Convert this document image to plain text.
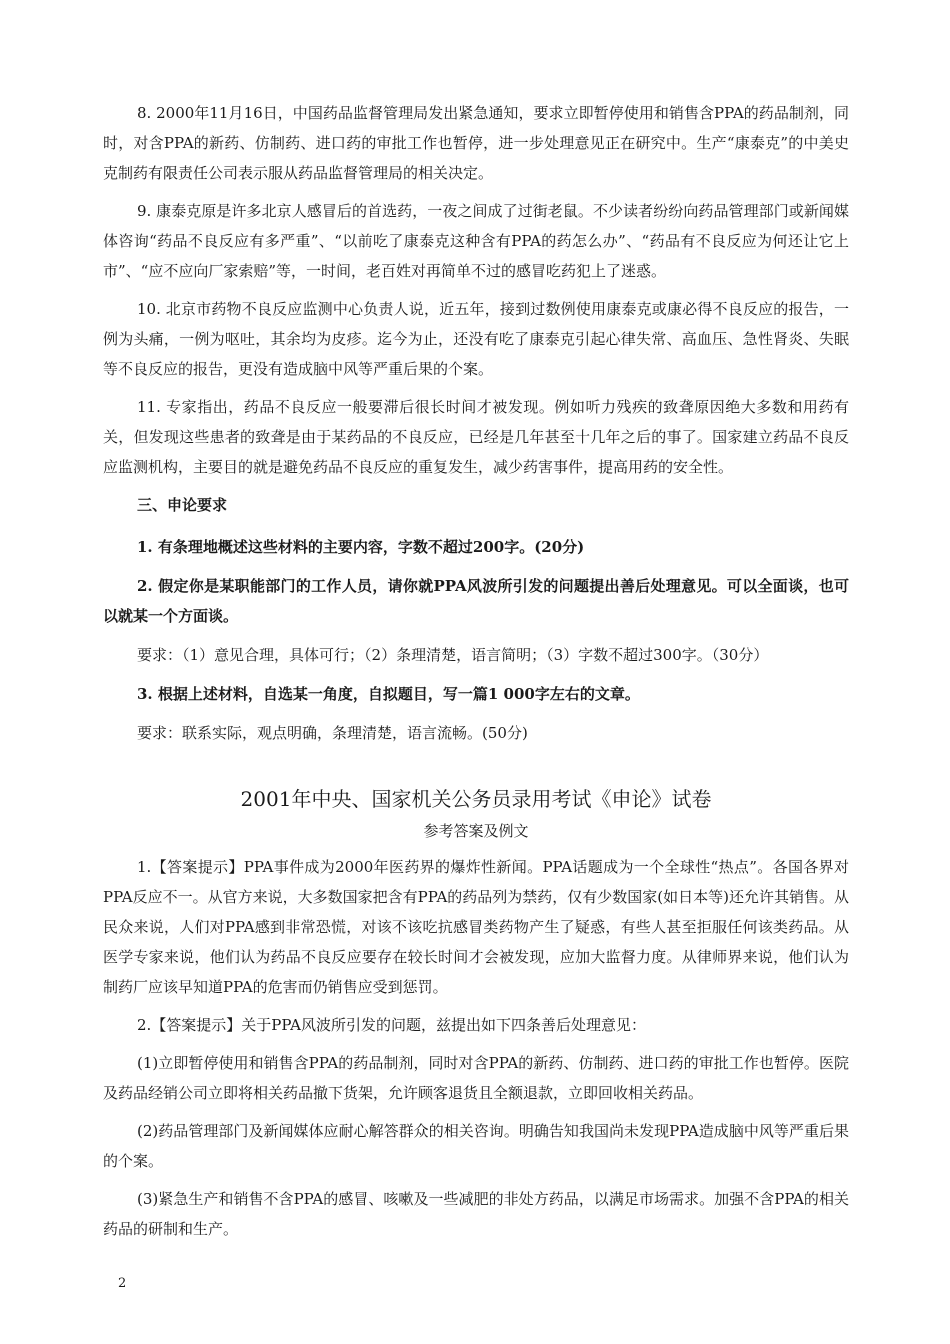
8. 2000年11月16日，中国药品监督管理局发出紧急通知，要求立即暂停使用和销售含PPA的药品制剂，同时，对含PPA的新药、仿制药、进口药的审批工作也暂停，进一步处理意见正在研究中。生产“康泰克”的中美史克制药有限责任公司表示服从药品监督管理局的相关决定。

9. 康泰克原是许多北京人感冒后的首选药，一夜之间成了过街老鼠。不少读者纷纷向药品管理部门或新闻媒体咨询“药品不良反应有多严重”、“以前吃了康泰克这种含有PPA的药怎么办”、“药品有不良反应为何还让它上市”、“应不应向厂家索赔”等，一时间，老百姓对再简单不过的感冒吃药犯上了迷惑。

10. 北京市药物不良反应监测中心负责人说，近五年，接到过数例使用康泰克或康必得不良反应的报告，一例为头痛，一例为呕吐，其余均为皮疹。迄今为止，还没有吃了康泰克引起心律失常、高血压、急性肾炎、失眠等不良反应的报告，更没有造成脑中风等严重后果的个案。

11. 专家指出，药品不良反应一般要滞后很长时间才被发现。例如听力残疾的致聋原因绝大多数和用药有关，但发现这些患者的致聋是由于某药品的不良反应，已经是几年甚至十几年之后的事了。国家建立药品不良反应监测机构，主要目的就是避免药品不良反应的重复发生，减少药害事件，提高用药的安全性。

三、申论要求

1. 有条理地概述这些材料的主要内容，字数不超过200字。(20分)

2. 假定你是某职能部门的工作人员，请你就PPA风波所引发的问题提出善后处理意见。可以全面谈，也可以就某一个方面谈。

要求：（1）意见合理，具体可行；（2）条理清楚，语言简明；（3）字数不超过300字。（30分）

3. 根据上述材料，自选某一角度，自拟题目，写一篇1 000字左右的文章。

要求：联系实际，观点明确，条理清楚，语言流畅。(50分)

2001年中央、国家机关公务员录用考试《申论》试卷

参考答案及例文

1.【答案提示】PPA事件成为2000年医药界的爆炸性新闻。PPA话题成为一个全球性“热点”。各国各界对PPA反应不一。从官方来说，大多数国家把含有PPA的药品列为禁药，仅有少数国家(如日本等)还允许其销售。从民众来说，人们对PPA感到非常恐慌，对该不该吃抗感冒类药物产生了疑惑，有些人甚至拒服任何该类药品。从医学专家来说，他们认为药品不良反应要存在较长时间才会被发现，应加大监督力度。从律师界来说，他们认为制药厂应该早知道PPA的危害而仍销售应受到惩罚。

2.【答案提示】关于PPA风波所引发的问题，兹提出如下四条善后处理意见：

(1)立即暂停使用和销售含PPA的药品制剂，同时对含PPA的新药、仿制药、进口药的审批工作也暂停。医院及药品经销公司立即将相关药品撤下货架，允许顾客退货且全额退款，立即回收相关药品。

(2)药品管理部门及新闻媒体应耐心解答群众的相关咨询。明确告知我国尚未发现PPA造成脑中风等严重后果的个案。

(3)紧急生产和销售不含PPA的感冒、咳嗽及一些减肥的非处方药品，以满足市场需求。加强不含PPA的相关药品的研制和生产。

2
